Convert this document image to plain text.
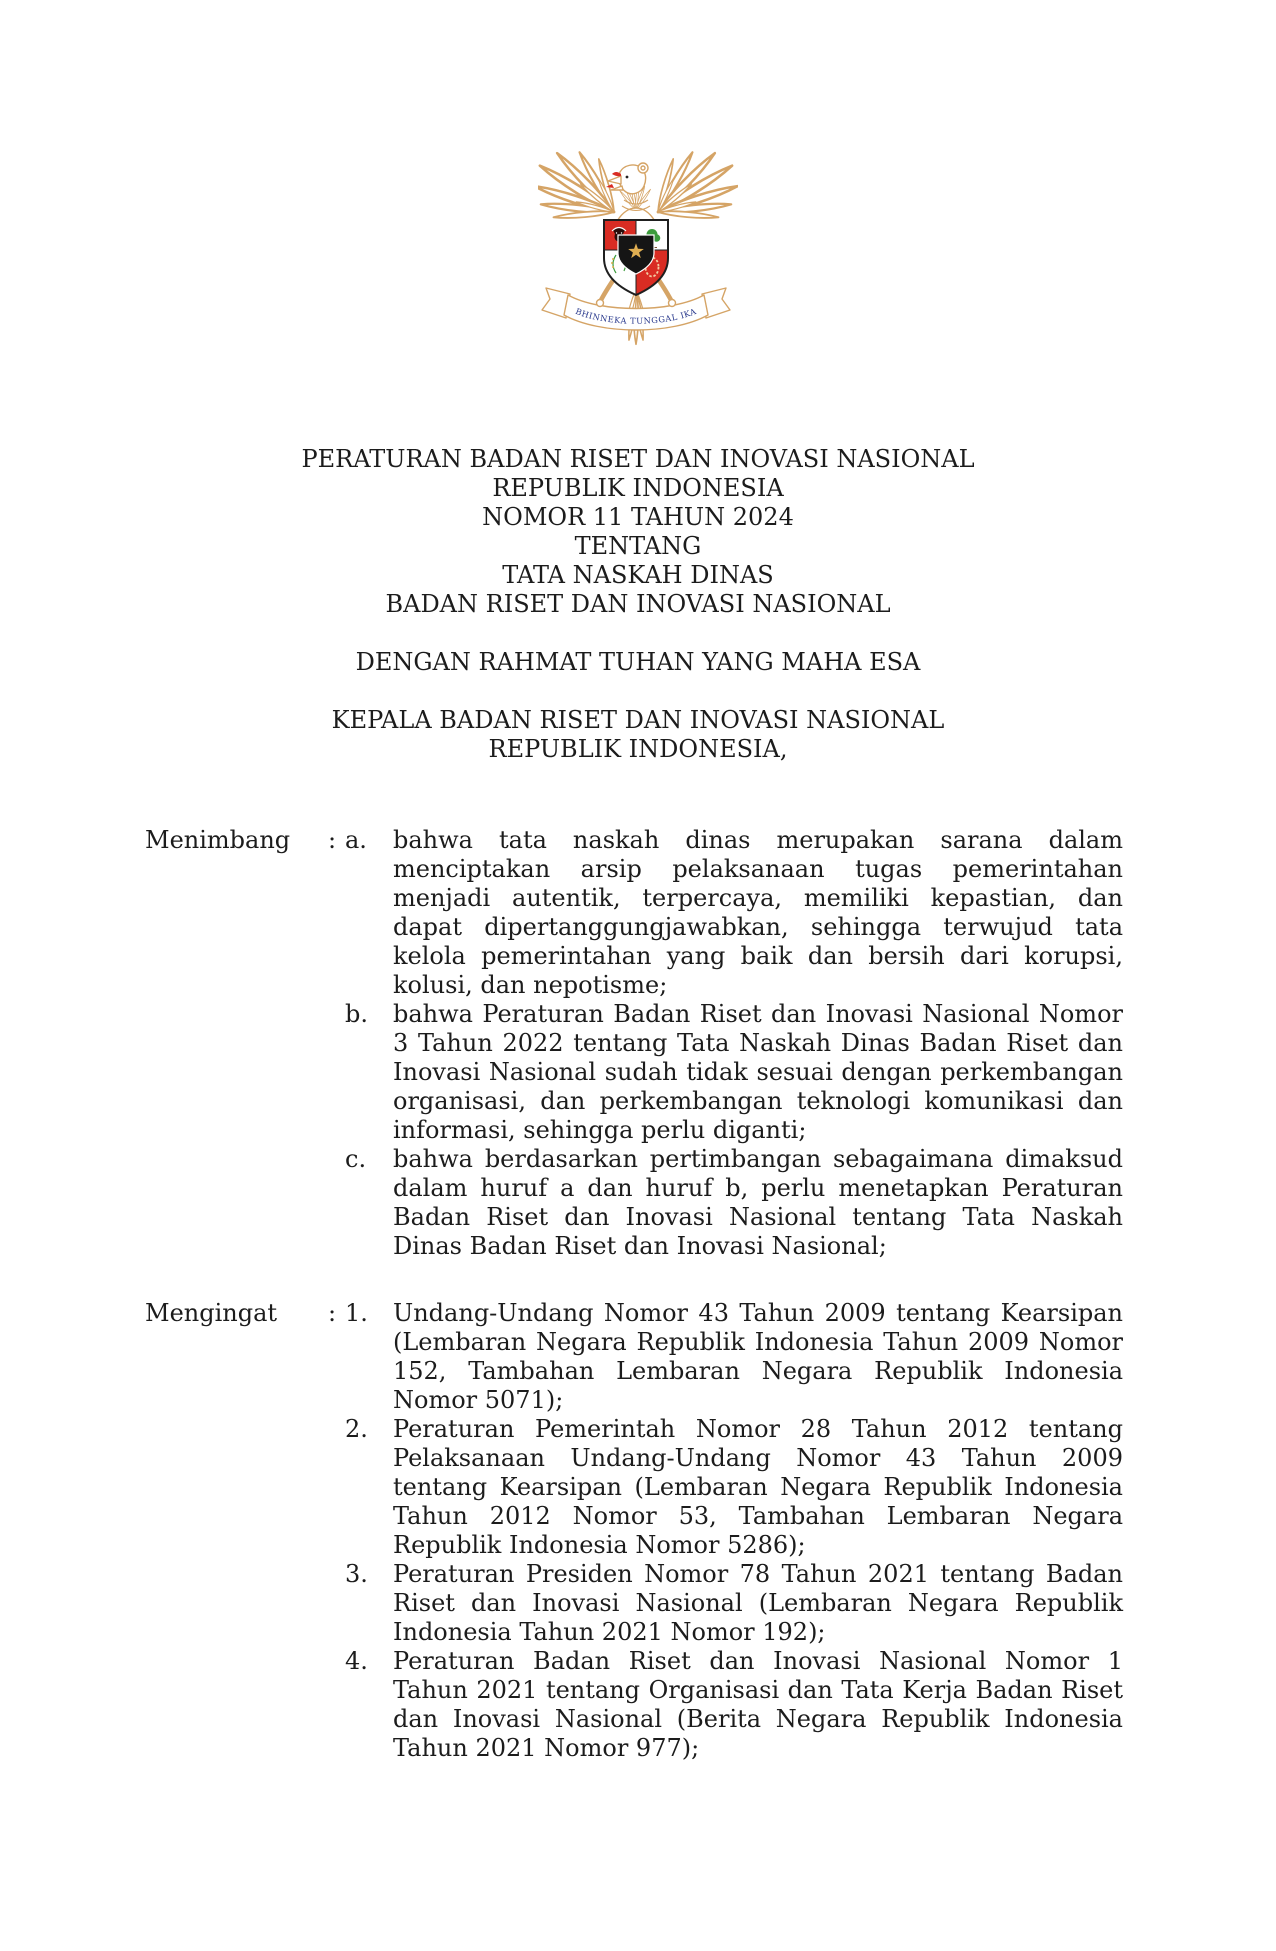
BHINNEKA TUNGGAL IKA
PERATURAN BADAN RISET DAN INOVASI NASIONAL
REPUBLIK INDONESIA
NOMOR 11 TAHUN 2024
TENTANG
TATA NASKAH DINAS
BADAN RISET DAN INOVASI NASIONAL
DENGAN RAHMAT TUHAN YANG MAHA ESA
KEPALA BADAN RISET DAN INOVASI NASIONAL
REPUBLIK INDONESIA,
Menimbang	: a.	bahwa tata naskah dinas merupakan sarana dalam menciptakan arsip pelaksanaan tugas pemerintahan menjadi autentik, terpercaya, memiliki kepastian, dan dapat dipertanggungjawabkan, sehingga terwujud tata kelola pemerintahan yang baik dan bersih dari korupsi, kolusi, dan nepotisme;
b.	bahwa Peraturan Badan Riset dan Inovasi Nasional Nomor 3 Tahun 2022 tentang Tata Naskah Dinas Badan Riset dan Inovasi Nasional sudah tidak sesuai dengan perkembangan organisasi, dan perkembangan teknologi komunikasi dan informasi, sehingga perlu diganti;
c.	bahwa berdasarkan pertimbangan sebagaimana dimaksud dalam huruf a dan huruf b, perlu menetapkan Peraturan Badan Riset dan Inovasi Nasional tentang Tata Naskah Dinas Badan Riset dan Inovasi Nasional;
Mengingat	: 1.	Undang-Undang Nomor 43 Tahun 2009 tentang Kearsipan (Lembaran Negara Republik Indonesia Tahun 2009 Nomor 152, Tambahan Lembaran Negara Republik Indonesia Nomor 5071);
2.	Peraturan Pemerintah Nomor 28 Tahun 2012 tentang Pelaksanaan Undang-Undang Nomor 43 Tahun 2009 tentang Kearsipan (Lembaran Negara Republik Indonesia Tahun 2012 Nomor 53, Tambahan Lembaran Negara Republik Indonesia Nomor 5286);
3.	Peraturan Presiden Nomor 78 Tahun 2021 tentang Badan Riset dan Inovasi Nasional (Lembaran Negara Republik Indonesia Tahun 2021 Nomor 192);
4.	Peraturan Badan Riset dan Inovasi Nasional Nomor 1 Tahun 2021 tentang Organisasi dan Tata Kerja Badan Riset dan Inovasi Nasional (Berita Negara Republik Indonesia Tahun 2021 Nomor 977);
